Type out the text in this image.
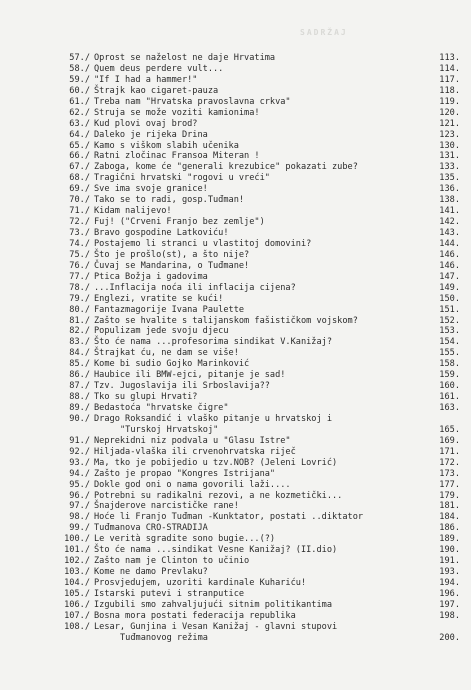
SADRŽAJ
57./ Oprost se naželost ne daje Hrvatima	113.
58./ Quem deus perdere vult...	114.
59./ "If I had a hammer!"	117.
60./ Štrajk kao cigaret-pauza	118.
61./ Treba nam "Hrvatska pravoslavna crkva"	119.
62./ Struja se može voziti kamionima!	120.
63./ Kud plovi ovaj brod?	121.
64./ Daleko je rijeka Drina	123.
65./ Kamo s viškom slabih učenika	130.
66./ Ratni zločinac Fransoa Miteran !	131.
67./ Zaboga, kome će "generali krezubice" pokazati zube?	133.
68./ Tragični hrvatski "rogovi u vreći"	135.
69./ Sve ima svoje granice!	136.
70./ Tako se to radi, gosp.Tuđman!	138.
71./ Kidam nalijevo!	141.
72./ Fuj! ("Crveni Franjo bez zemlje")	142.
73./ Bravo gospodine Latkoviću!	143.
74./ Postajemo li stranci u vlastitoj domovini?	144.
75./ Što je prošlo(st), a što nije?	146.
76./ Čuvaj se Mandarina, o Tuđmane!	146.
77./ Ptica Božja i gadovima	147.
78./ ...Inflacija noća ili inflacija cijena?	149.
79./ Englezi, vratite se kući!	150.
80./ Fantazmagorije Ivana Paulette	151.
81./ Zašto se hvalite s talijanskom fašističkom vojskom?	152.
82./ Populizam jede svoju djecu	153.
83./ Što će nama ...profesorima sindikat V.Kanižaj?	154.
84./ Štrajkat ću, ne dam se više!	155.
85./ Kome bi sudio Gojko Marinković	158.
86./ Haubice ili BMW-ejci, pitanje je sad!	159.
87./ Tzv. Jugoslavija ili Srboslavija??	160.
88./ Tko su glupi Hrvati?	161.
89./ Bedastoća "hrvatske čigre"	163.
90./ Drago Roksandić i vlaško pitanje u hrvatskoj i
"Turskoj Hrvatskoj"	165.
91./ Neprekidni niz podvala u "Glasu Istre"	169.
92./ Hiljada-vlaška ili crvenohrvatska riječ	171.
93./ Ma, tko je pobijedio u tzv.NOB? (Jeleni Lovrić)	172.
94./ Zašto je propao "Kongres Istrijana"	173.
95./ Dokle god oni o nama govorili laži....	177.
96./ Potrebni su radikalni rezovi, a ne kozmetički...	179.
97./ Šnajderove narcističke rane!	181.
98./ Hoće li Franjo Tuđman -Kunktator, postati ..diktator	184.
99./ Tuđmanova CRO-STRADIJA	186.
100./ Le verità sgradite sono bugie...(?)	189.
101./ Što će nama ...sindikat Vesne Kanižaj? (II.dio)	190.
102./ Zašto nam je Clinton to učinio	191.
103./ Kome ne damo Prevlaku?	193.
104./ Prosvjedujem, uzoriti kardinale Kuhariću!	194.
105./ Istarski putevi i stranputice	196.
106./ Izgubili smo zahvaljujući sitnim politikantima	197.
107./ Bosna mora postati federacija republika	198.
108./ Lesar, Gunjina i Vesan Kanižaj - glavni stupovi
Tuđmanovog režima	200.
